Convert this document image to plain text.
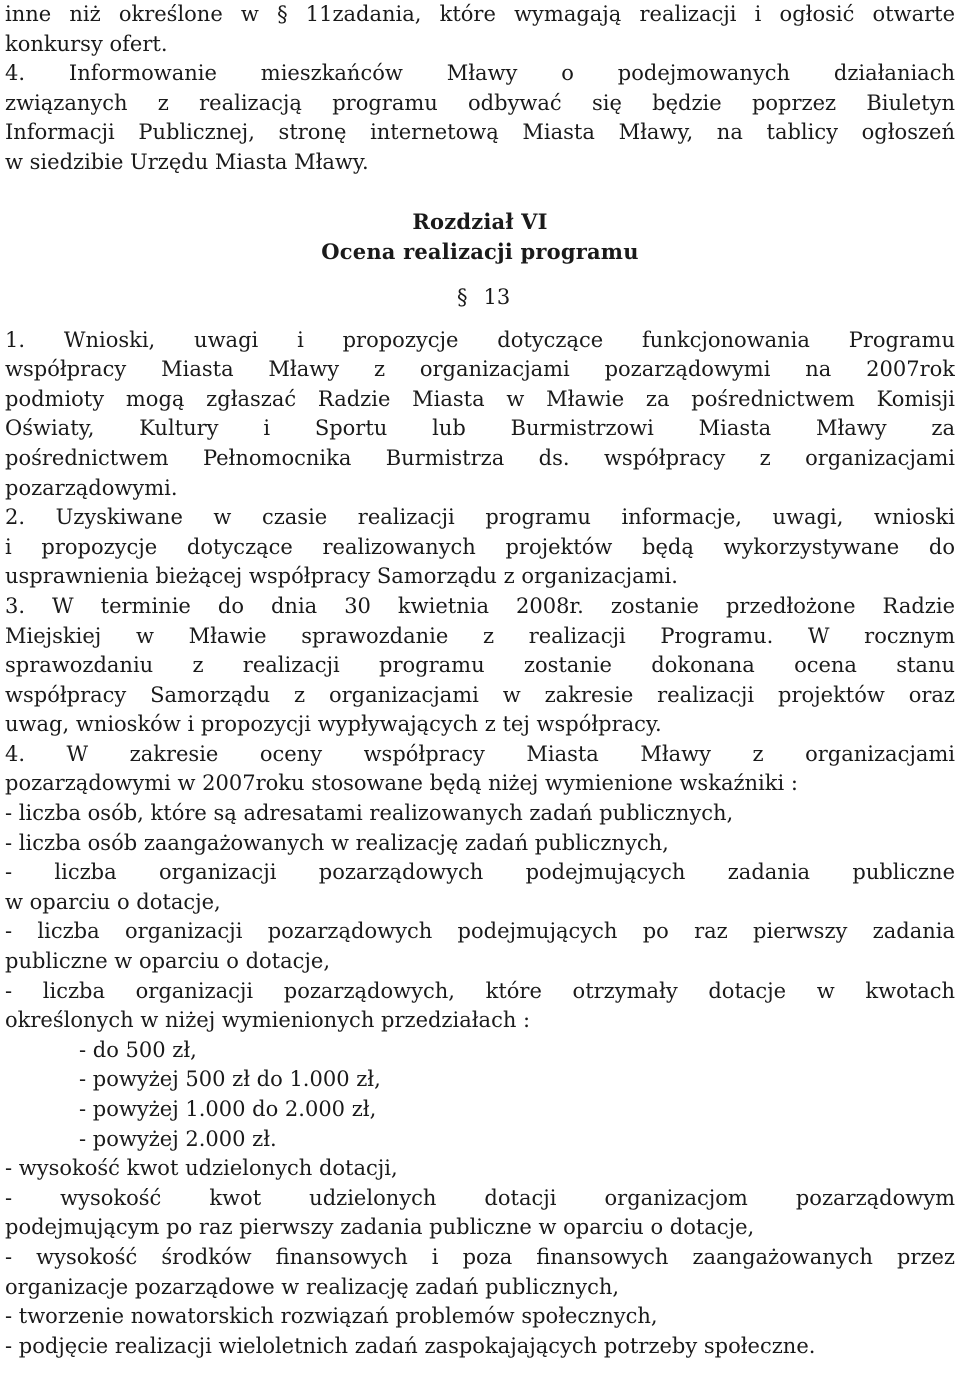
inne niż określone w § 11zadania, które wymagają realizacji i ogłosić otwarte
konkursy ofert.
4. Informowanie mieszkańców Mławy o podejmowanych działaniach
związanych z realizacją programu odbywać się będzie poprzez Biuletyn
Informacji Publicznej, stronę internetową Miasta Mławy, na tablicy ogłoszeń
w siedzibie Urzędu Miasta Mławy.
Rozdział VI
Ocena realizacji programu
§ 13
1. Wnioski, uwagi i propozycje dotyczące funkcjonowania Programu
współpracy Miasta Mławy z organizacjami pozarządowymi na 2007rok
podmioty mogą zgłaszać Radzie Miasta w Mławie za pośrednictwem Komisji
Oświaty, Kultury i Sportu lub Burmistrzowi Miasta Mławy za
pośrednictwem Pełnomocnika Burmistrza ds. współpracy z organizacjami
pozarządowymi.
2. Uzyskiwane w czasie realizacji programu informacje, uwagi, wnioski
i propozycje dotyczące realizowanych projektów będą wykorzystywane do
usprawnienia bieżącej współpracy Samorządu z organizacjami.
3. W terminie do dnia 30 kwietnia 2008r. zostanie przedłożone Radzie
Miejskiej w Mławie sprawozdanie z realizacji Programu. W rocznym
sprawozdaniu z realizacji programu zostanie dokonana ocena stanu
współpracy Samorządu z organizacjami w zakresie realizacji projektów oraz
uwag, wniosków i propozycji wypływających z tej współpracy.
4. W zakresie oceny współpracy Miasta Mławy z organizacjami
pozarządowymi w 2007roku stosowane będą niżej wymienione wskaźniki :
- liczba osób, które są adresatami realizowanych zadań publicznych,
- liczba osób zaangażowanych w realizację zadań publicznych,
- liczba organizacji pozarządowych podejmujących zadania publiczne
w oparciu o dotacje,
- liczba organizacji pozarządowych podejmujących po raz pierwszy zadania
publiczne w oparciu o dotacje,
- liczba organizacji pozarządowych, które otrzymały dotacje w kwotach
określonych w niżej wymienionych przedziałach :
- do 500 zł,
- powyżej 500 zł do 1.000 zł,
- powyżej 1.000 do 2.000 zł,
- powyżej 2.000 zł.
- wysokość kwot udzielonych dotacji,
- wysokość kwot udzielonych dotacji organizacjom pozarządowym
podejmującym po raz pierwszy zadania publiczne w oparciu o dotacje,
- wysokość środków finansowych i poza finansowych zaangażowanych przez
organizacje pozarządowe w realizację zadań publicznych,
- tworzenie nowatorskich rozwiązań problemów społecznych,
- podjęcie realizacji wieloletnich zadań zaspokajających potrzeby społeczne.
